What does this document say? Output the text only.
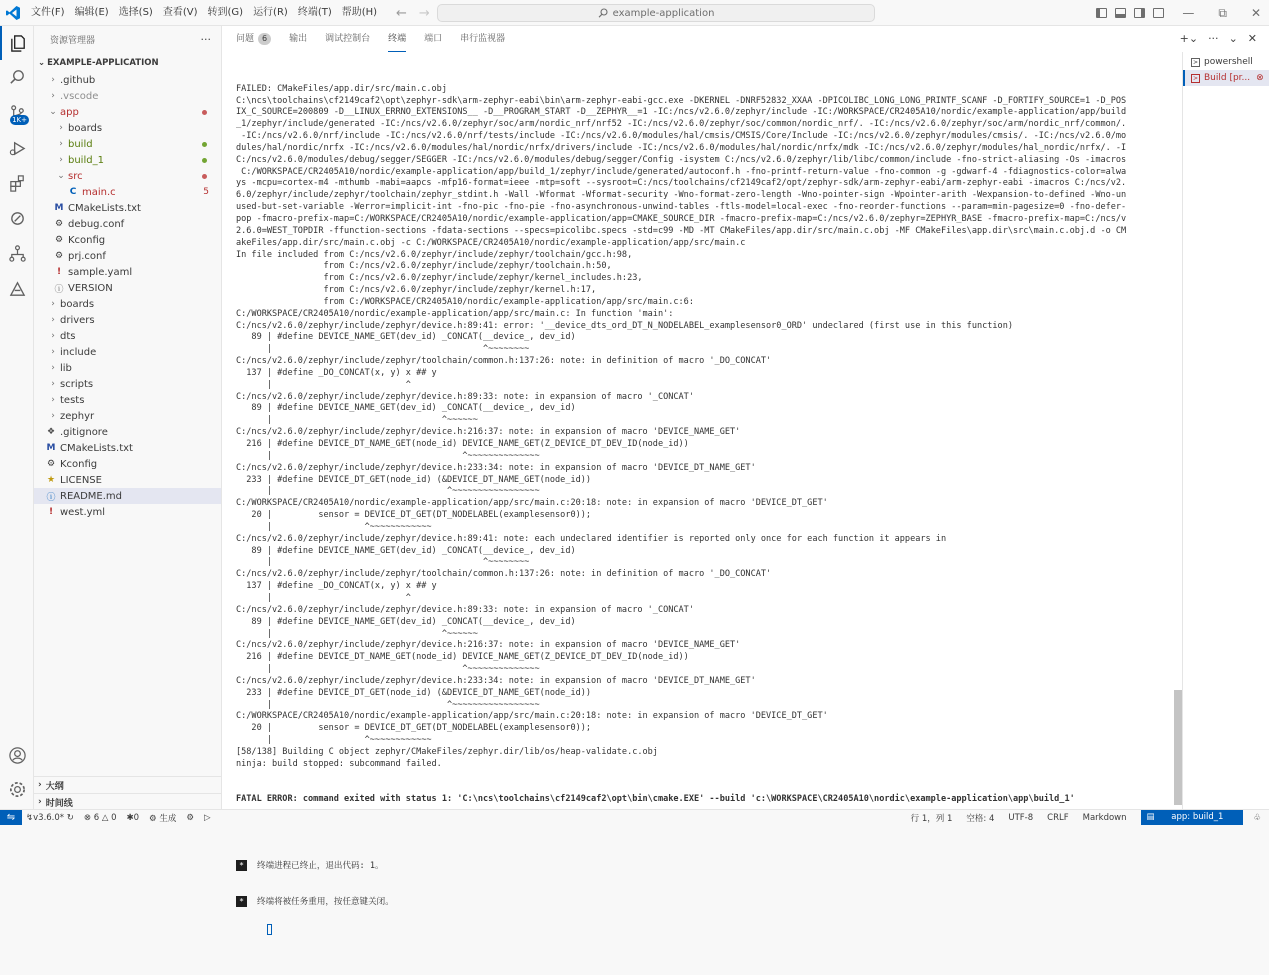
文件(F)	编辑(E)	选择(S)	查看(V)	转到(G)	运行(R)	终端(T)	帮助(H)	← →	example-application	— ⧉ ✕
1K+
资源管理器	···
⌄ EXAMPLE-APPLICATION
› .github
› .vscode
⌄ app
› boards
› build
› build_1
⌄ src
C main.c	5
M CMakeLists.txt
⚙ debug.conf
⚙ Kconfig
⚙ prj.conf
! sample.yaml
ⓘ VERSION
› boards
› drivers
› dts
› include
› lib
› scripts
› tests
› zephyr
❖ .gitignore
M CMakeLists.txt
⚙ Kconfig
★ LICENSE
ⓘ README.md
! west.yml
› 大纲
› 时间线
问题 6	输出 调试控制台 终端 端口 串行监视器	+⌄ ··· ⌄ ✕

FAILED: CMakeFiles/app.dir/src/main.c.obj
C:\ncs\toolchains\cf2149caf2\opt\zephyr-sdk\arm-zephyr-eabi\bin\arm-zephyr-eabi-gcc.exe -DKERNEL -DNRF52832_XXAA -DPICOLIBC_LONG_LONG_PRINTF_SCANF -D_FORTIFY_SOURCE=1 -D_POS
IX_C_SOURCE=200809 -D__LINUX_ERRNO_EXTENSIONS__ -D__PROGRAM_START -D__ZEPHYR__=1 -IC:/ncs/v2.6.0/zephyr/include -IC:/WORKSPACE/CR2405A10/nordic/example-application/app/build
_1/zephyr/include/generated -IC:/ncs/v2.6.0/zephyr/soc/arm/nordic_nrf/nrf52 -IC:/ncs/v2.6.0/zephyr/soc/common/nordic_nrf/. -IC:/ncs/v2.6.0/zephyr/soc/arm/nordic_nrf/common/.
-IC:/ncs/v2.6.0/nrf/include -IC:/ncs/v2.6.0/nrf/tests/include -IC:/ncs/v2.6.0/modules/hal/cmsis/CMSIS/Core/Include -IC:/ncs/v2.6.0/zephyr/modules/cmsis/. -IC:/ncs/v2.6.0/mo
dules/hal/nordic/nrfx -IC:/ncs/v2.6.0/modules/hal/nordic/nrfx/drivers/include -IC:/ncs/v2.6.0/modules/hal/nordic/nrfx/mdk -IC:/ncs/v2.6.0/zephyr/modules/hal_nordic/nrfx/. -I
C:/ncs/v2.6.0/modules/debug/segger/SEGGER -IC:/ncs/v2.6.0/modules/debug/segger/Config -isystem C:/ncs/v2.6.0/zephyr/lib/libc/common/include -fno-strict-aliasing -Os -imacros
C:/WORKSPACE/CR2405A10/nordic/example-application/app/build_1/zephyr/include/generated/autoconf.h -fno-printf-return-value -fno-common -g -gdwarf-4 -fdiagnostics-color=alwa
ys -mcpu=cortex-m4 -mthumb -mabi=aapcs -mfp16-format=ieee -mtp=soft --sysroot=C:/ncs/toolchains/cf2149caf2/opt/zephyr-sdk/arm-zephyr-eabi/arm-zephyr-eabi -imacros C:/ncs/v2.
6.0/zephyr/include/zephyr/toolchain/zephyr_stdint.h -Wall -Wformat -Wformat-security -Wno-format-zero-length -Wno-pointer-sign -Wpointer-arith -Wexpansion-to-defined -Wno-un
used-but-set-variable -Werror=implicit-int -fno-pic -fno-pie -fno-asynchronous-unwind-tables -ftls-model=local-exec -fno-reorder-functions --param=min-pagesize=0 -fno-defer-
pop -fmacro-prefix-map=C:/WORKSPACE/CR2405A10/nordic/example-application/app=CMAKE_SOURCE_DIR -fmacro-prefix-map=C:/ncs/v2.6.0/zephyr=ZEPHYR_BASE -fmacro-prefix-map=C:/ncs/v
2.6.0=WEST_TOPDIR -ffunction-sections -fdata-sections --specs=picolibc.specs -std=c99 -MD -MT CMakeFiles/app.dir/src/main.c.obj -MF CMakeFiles\app.dir\src\main.c.obj.d -o CM
akeFiles/app.dir/src/main.c.obj -c C:/WORKSPACE/CR2405A10/nordic/example-application/app/src/main.c
In file included from C:/ncs/v2.6.0/zephyr/include/zephyr/toolchain/gcc.h:98,
from C:/ncs/v2.6.0/zephyr/include/zephyr/toolchain.h:50,
from C:/ncs/v2.6.0/zephyr/include/zephyr/kernel_includes.h:23,
from C:/ncs/v2.6.0/zephyr/include/zephyr/kernel.h:17,
from C:/WORKSPACE/CR2405A10/nordic/example-application/app/src/main.c:6:
C:/WORKSPACE/CR2405A10/nordic/example-application/app/src/main.c: In function 'main':
C:/ncs/v2.6.0/zephyr/include/zephyr/device.h:89:41: error: '__device_dts_ord_DT_N_NODELABEL_examplesensor0_ORD' undeclared (first use in this function)
89 | #define DEVICE_NAME_GET(dev_id) _CONCAT(__device_, dev_id)
|                                         ^~~~~~~~~
C:/ncs/v2.6.0/zephyr/include/zephyr/toolchain/common.h:137:26: note: in definition of macro '_DO_CONCAT'
137 | #define _DO_CONCAT(x, y) x ## y
|                          ^
C:/ncs/v2.6.0/zephyr/include/zephyr/device.h:89:33: note: in expansion of macro '_CONCAT'
89 | #define DEVICE_NAME_GET(dev_id) _CONCAT(__device_, dev_id)
|                                 ^~~~~~~
C:/ncs/v2.6.0/zephyr/include/zephyr/device.h:216:37: note: in expansion of macro 'DEVICE_NAME_GET'
216 | #define DEVICE_DT_NAME_GET(node_id) DEVICE_NAME_GET(Z_DEVICE_DT_DEV_ID(node_id))
|                                     ^~~~~~~~~~~~~~~
C:/ncs/v2.6.0/zephyr/include/zephyr/device.h:233:34: note: in expansion of macro 'DEVICE_DT_NAME_GET'
233 | #define DEVICE_DT_GET(node_id) (&DEVICE_DT_NAME_GET(node_id))
|                                  ^~~~~~~~~~~~~~~~~~
C:/WORKSPACE/CR2405A10/nordic/example-application/app/src/main.c:20:18: note: in expansion of macro 'DEVICE_DT_GET'
20 |         sensor = DEVICE_DT_GET(DT_NODELABEL(examplesensor0));
|                  ^~~~~~~~~~~~~
C:/ncs/v2.6.0/zephyr/include/zephyr/device.h:89:41: note: each undeclared identifier is reported only once for each function it appears in
89 | #define DEVICE_NAME_GET(dev_id) _CONCAT(__device_, dev_id)
|                                         ^~~~~~~~~
C:/ncs/v2.6.0/zephyr/include/zephyr/toolchain/common.h:137:26: note: in definition of macro '_DO_CONCAT'
137 | #define _DO_CONCAT(x, y) x ## y
|                          ^
C:/ncs/v2.6.0/zephyr/include/zephyr/device.h:89:33: note: in expansion of macro '_CONCAT'
89 | #define DEVICE_NAME_GET(dev_id) _CONCAT(__device_, dev_id)
|                                 ^~~~~~~
C:/ncs/v2.6.0/zephyr/include/zephyr/device.h:216:37: note: in expansion of macro 'DEVICE_NAME_GET'
216 | #define DEVICE_DT_NAME_GET(node_id) DEVICE_NAME_GET(Z_DEVICE_DT_DEV_ID(node_id))
|                                     ^~~~~~~~~~~~~~~
C:/ncs/v2.6.0/zephyr/include/zephyr/device.h:233:34: note: in expansion of macro 'DEVICE_DT_NAME_GET'
233 | #define DEVICE_DT_GET(node_id) (&DEVICE_DT_NAME_GET(node_id))
|                                  ^~~~~~~~~~~~~~~~~~
C:/WORKSPACE/CR2405A10/nordic/example-application/app/src/main.c:20:18: note: in expansion of macro 'DEVICE_DT_GET'
20 |         sensor = DEVICE_DT_GET(DT_NODELABEL(examplesensor0));
|                  ^~~~~~~~~~~~~
[58/138] Building C object zephyr/CMakeFiles/zephyr.dir/lib/os/heap-validate.c.obj
ninja: build stopped: subcommand failed.

FATAL ERROR: command exited with status 1: 'C:\ncs\toolchains\cf2149caf2\opt\bin\cmake.EXE' --build 'c:\WORKSPACE\CR2405A10\nordic\example-application\app\build_1'

* 终端进程已终止，退出代码: 1。

* 终端将被任务重用，按任意键关闭。

> powershell
> Build [pr... ⊗
⇋	↯v3.6.0* ↻ ⊗ 6 △ 0 ✱0 ⚙ 生成 ⚙ ▷	行 1，列 1 空格: 4 UTF-8 CRLF Markdown	▤ app: build_1	♧
